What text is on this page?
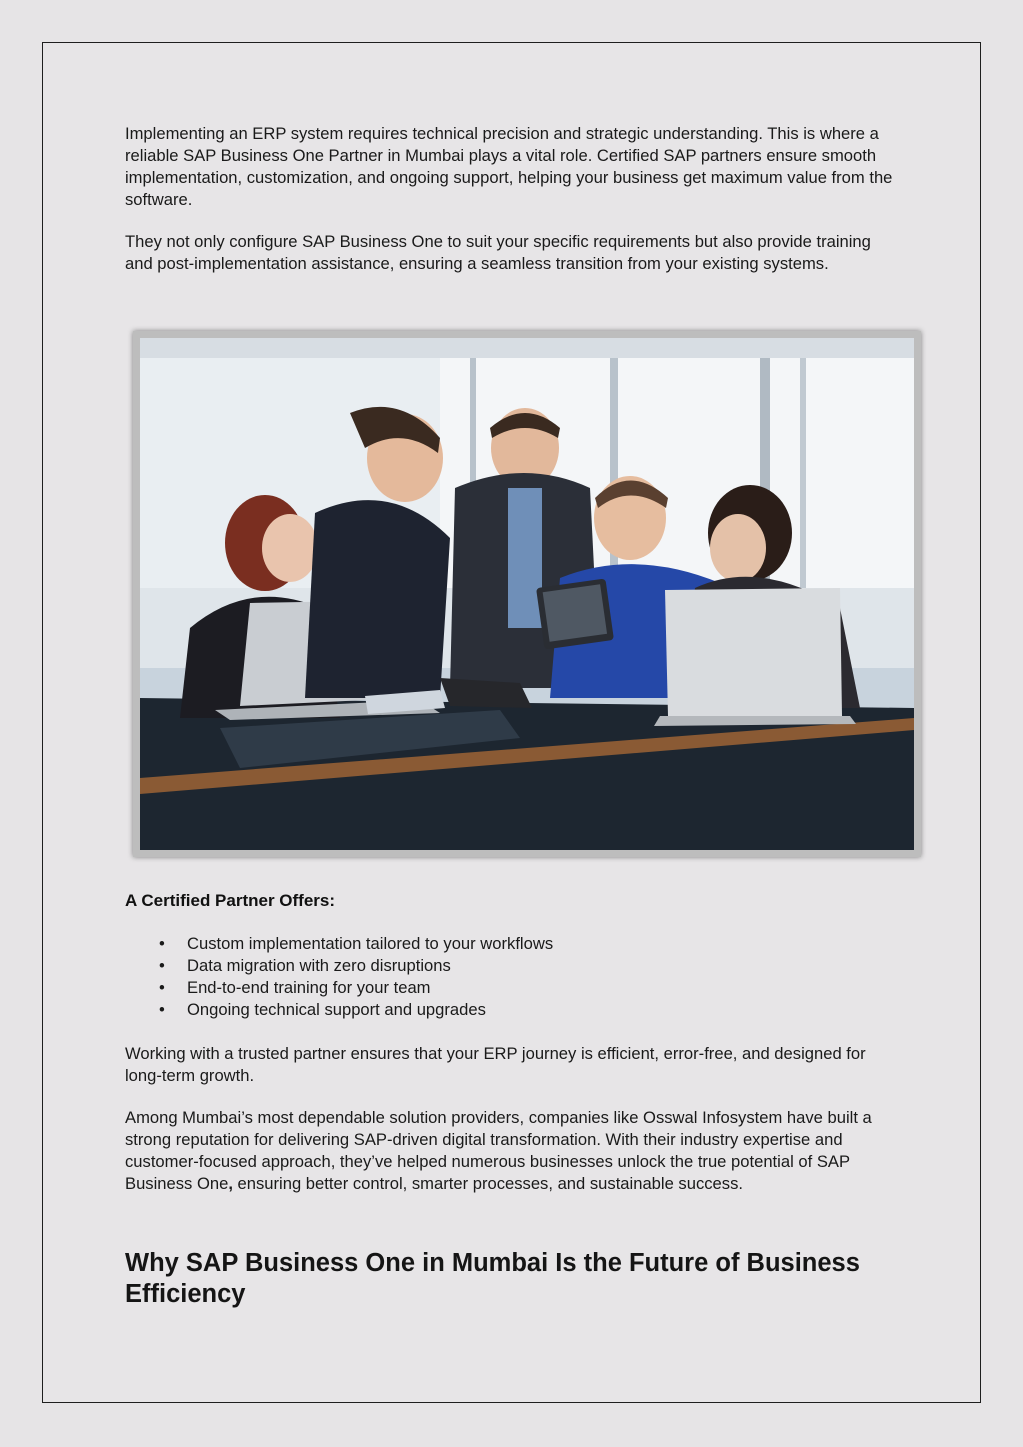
Implementing an ERP system requires technical precision and strategic understanding. This is where a reliable SAP Business One Partner in Mumbai plays a vital role. Certified SAP partners ensure smooth implementation, customization, and ongoing support, helping your business get maximum value from the software.

They not only configure SAP Business One to suit your specific requirements but also provide training and post-implementation assistance, ensuring a seamless transition from your existing systems.

A Certified Partner Offers:
• Custom implementation tailored to your workflows
• Data migration with zero disruptions
• End-to-end training for your team
• Ongoing technical support and upgrades

Working with a trusted partner ensures that your ERP journey is efficient, error-free, and designed for long-term growth.

Among Mumbai’s most dependable solution providers, companies like Osswal Infosystem have built a strong reputation for delivering SAP-driven digital transformation. With their industry expertise and customer-focused approach, they’ve helped numerous businesses unlock the true potential of SAP Business One, ensuring better control, smarter processes, and sustainable success.

Why SAP Business One in Mumbai Is the Future of Business Efficiency
